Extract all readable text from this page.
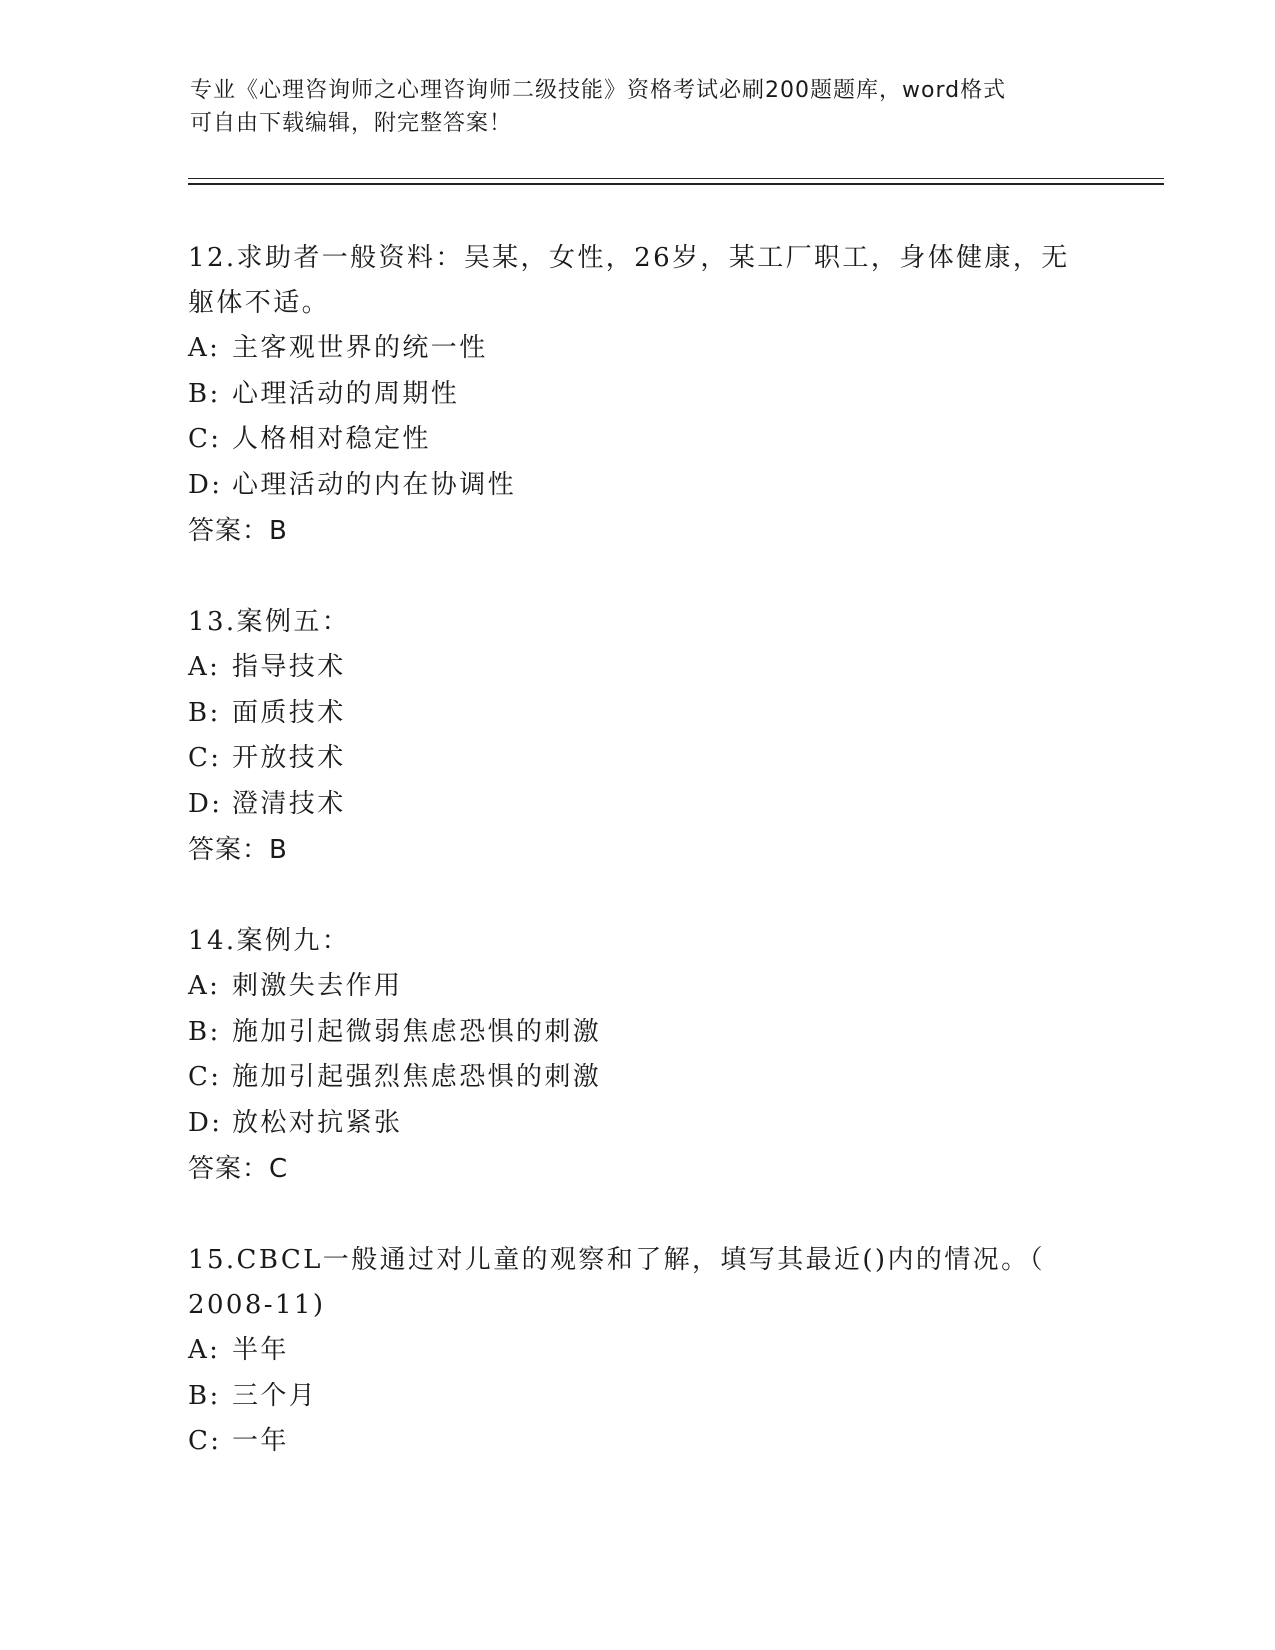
专业《心理咨询师之心理咨询师二级技能》资格考试必刷200题题库，word格式
可自由下载编辑，附完整答案！
12.求助者一般资料：吴某，女性，26岁，某工厂职工，身体健康，无
躯体不适。
A: 主客观世界的统一性
B: 心理活动的周期性
C: 人格相对稳定性
D: 心理活动的内在协调性
答案：B
13.案例五：
A: 指导技术
B: 面质技术
C: 开放技术
D: 澄清技术
答案：B
14.案例九：
A: 刺激失去作用
B: 施加引起微弱焦虑恐惧的刺激
C: 施加引起强烈焦虑恐惧的刺激
D: 放松对抗紧张
答案：C
15.CBCL一般通过对儿童的观察和了解，填写其最近()内的情况。（
2008-11)
A: 半年
B: 三个月
C: 一年
